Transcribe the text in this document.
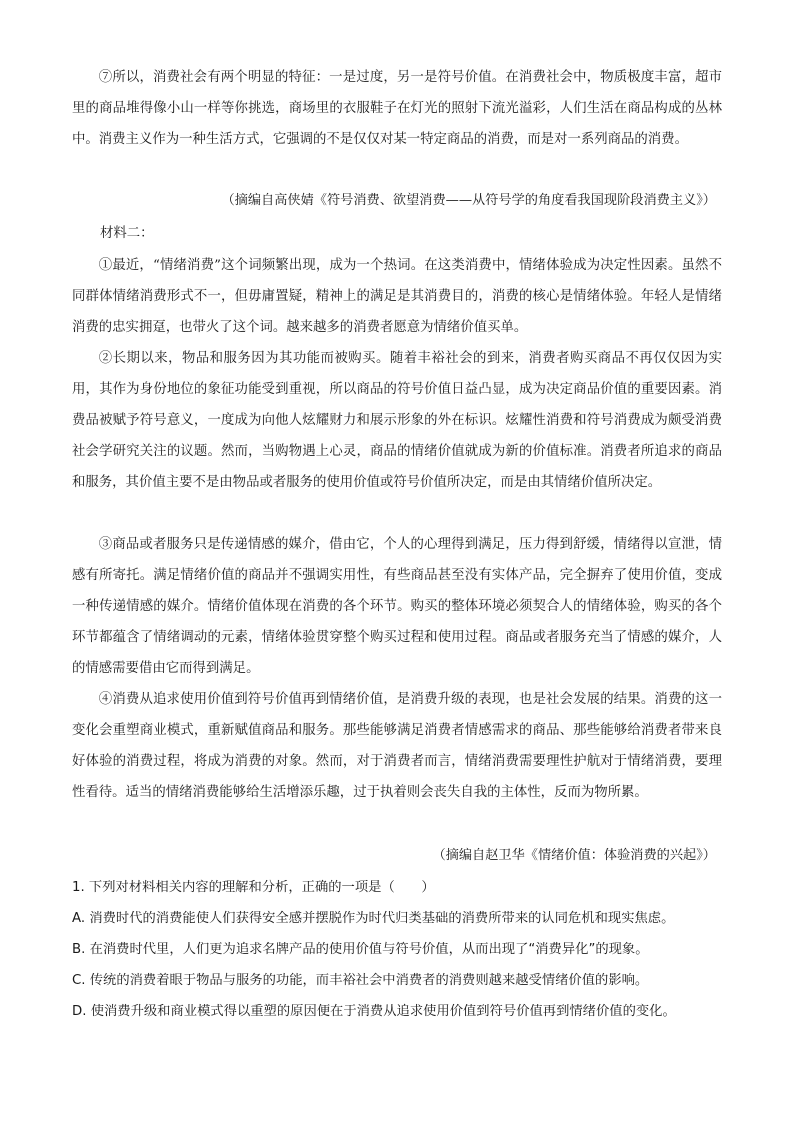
⑦所以，消费社会有两个明显的特征：一是过度，另一是符号价值。在消费社会中，物质极度丰富，超市里的商品堆得像小山一样等你挑选，商场里的衣服鞋子在灯光的照射下流光溢彩，人们生活在商品构成的丛林中。消费主义作为一种生活方式，它强调的不是仅仅对某一特定商品的消费，而是对一系列商品的消费。

（摘编自高侠婧《符号消费、欲望消费——从符号学的角度看我国现阶段消费主义》）

材料二：

①最近，“情绪消费”这个词频繁出现，成为一个热词。在这类消费中，情绪体验成为决定性因素。虽然不同群体情绪消费形式不一，但毋庸置疑，精神上的满足是其消费目的，消费的核心是情绪体验。年轻人是情绪消费的忠实拥趸，也带火了这个词。越来越多的消费者愿意为情绪价值买单。

②长期以来，物品和服务因为其功能而被购买。随着丰裕社会的到来，消费者购买商品不再仅仅因为实用，其作为身份地位的象征功能受到重视，所以商品的符号价值日益凸显，成为决定商品价值的重要因素。消费品被赋予符号意义，一度成为向他人炫耀财力和展示形象的外在标识。炫耀性消费和符号消费成为颇受消费社会学研究关注的议题。然而，当购物遇上心灵，商品的情绪价值就成为新的价值标准。消费者所追求的商品和服务，其价值主要不是由物品或者服务的使用价值或符号价值所决定，而是由其情绪价值所决定。

③商品或者服务只是传递情感的媒介，借由它，个人的心理得到满足，压力得到舒缓，情绪得以宣泄，情感有所寄托。满足情绪价值的商品并不强调实用性，有些商品甚至没有实体产品，完全摒弃了使用价值，变成一种传递情感的媒介。情绪价值体现在消费的各个环节。购买的整体环境必须契合人的情绪体验，购买的各个环节都蕴含了情绪调动的元素，情绪体验贯穿整个购买过程和使用过程。商品或者服务充当了情感的媒介，人的情感需要借由它而得到满足。

④消费从追求使用价值到符号价值再到情绪价值，是消费升级的表现，也是社会发展的结果。消费的这一变化会重塑商业模式，重新赋值商品和服务。那些能够满足消费者情感需求的商品、那些能够给消费者带来良好体验的消费过程，将成为消费的对象。然而，对于消费者而言，情绪消费需要理性护航对于情绪消费，要理性看待。适当的情绪消费能够给生活增添乐趣，过于执着则会丧失自我的主体性，反而为物所累。

（摘编自赵卫华《情绪价值：体验消费的兴起》）

1. 下列对材料相关内容的理解和分析，正确的一项是（　　）

A. 消费时代的消费能使人们获得安全感并摆脱作为时代归类基础的消费所带来的认同危机和现实焦虑。

B. 在消费时代里，人们更为追求名牌产品的使用价值与符号价值，从而出现了“消费异化”的现象。

C. 传统的消费着眼于物品与服务的功能，而丰裕社会中消费者的消费则越来越受情绪价值的影响。

D. 使消费升级和商业模式得以重塑的原因便在于消费从追求使用价值到符号价值再到情绪价值的变化。
